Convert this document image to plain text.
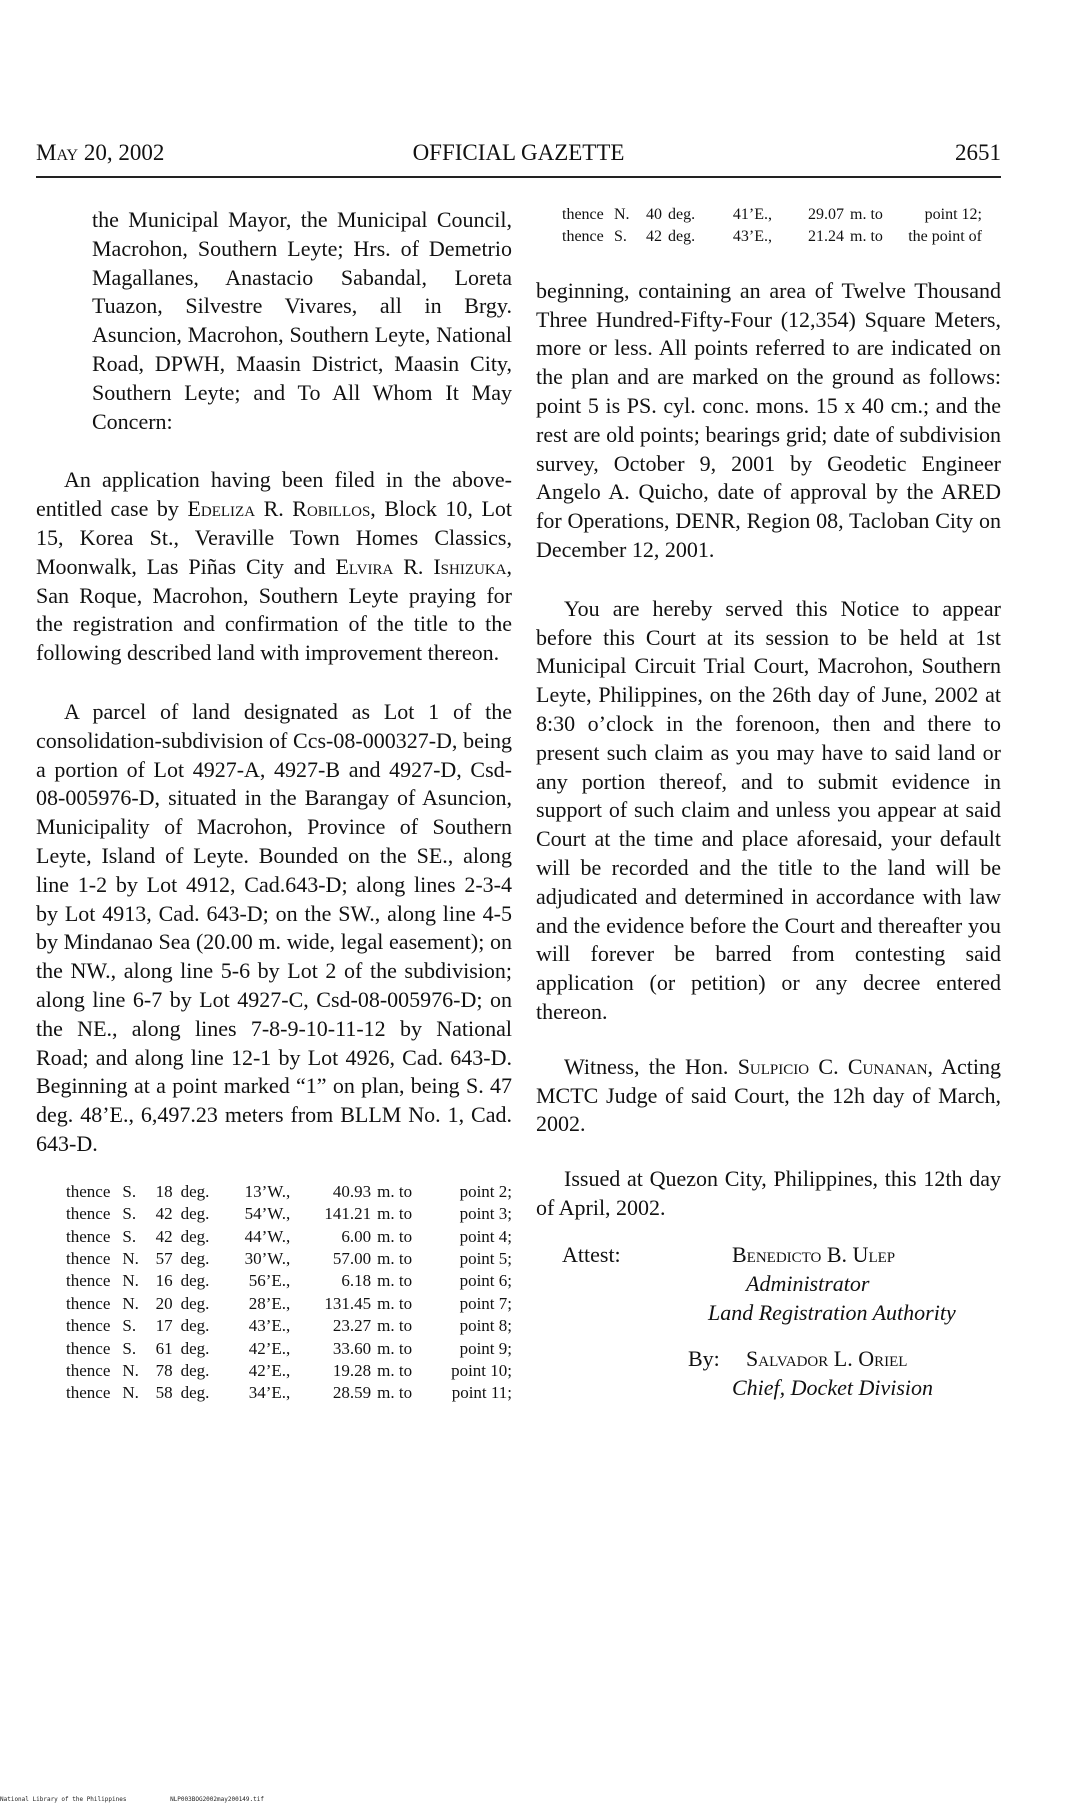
May 20, 2002	OFFICIAL GAZETTE	2651

the Municipal Mayor, the Municipal Council, Macrohon, Southern Leyte; Hrs. of Demetrio Magallanes, Anastacio Sabandal, Loreta Tuazon, Silvestre Vivares, all in Brgy. Asuncion, Macrohon, Southern Leyte, National Road, DPWH, Maasin District, Maasin City, Southern Leyte; and To All Whom It May Concern:

An application having been filed in the above-entitled case by Edeliza R. Robillos, Block 10, Lot 15, Korea St., Veraville Town Homes Classics, Moonwalk, Las Piñas City and Elvira R. Ishizuka, San Roque, Macrohon, Southern Leyte praying for the registration and confirmation of the title to the following described land with improvement thereon.

A parcel of land designated as Lot 1 of the consolidation-subdivision of Ccs-08-000327-D, being a portion of Lot 4927-A, 4927-B and 4927-D, Csd-08-005976-D, situated in the Barangay of Asuncion, Municipality of Macrohon, Province of Southern Leyte, Island of Leyte. Bounded on the SE., along line 1-2 by Lot 4912, Cad.643-D; along lines 2-3-4 by Lot 4913, Cad. 643-D; on the SW., along line 4-5 by Mindanao Sea (20.00 m. wide, legal easement); on the NW., along line 5-6 by Lot 2 of the subdivision; along line 6-7 by Lot 4927-C, Csd-08-005976-D; on the NE., along lines 7-8-9-10-11-12 by National Road; and along line 12-1 by Lot 4926, Cad. 643-D. Beginning at a point marked “1” on plan, being S. 47 deg. 48’E., 6,497.23 meters from BLLM No. 1, Cad. 643-D.

thence	S.	18	deg.	13’W.,	40.93	m. to	point 2;
thence	S.	42	deg.	54’W.,	141.21	m. to	point 3;
thence	S.	42	deg.	44’W.,	6.00	m. to	point 4;
thence	N.	57	deg.	30’W.,	57.00	m. to	point 5;
thence	N.	16	deg.	56’E.,	6.18	m. to	point 6;
thence	N.	20	deg.	28’E.,	131.45	m. to	point 7;
thence	S.	17	deg.	43’E.,	23.27	m. to	point 8;
thence	S.	61	deg.	42’E.,	33.60	m. to	point 9;
thence	N.	78	deg.	42’E.,	19.28	m. to	point 10;
thence	N.	58	deg.	34’E.,	28.59	m. to	point 11;
thence	N.	40	deg.	41’E.,	29.07	m. to	point 12;
thence	S.	42	deg.	43’E.,	21.24	m. to	the point of

beginning, containing an area of Twelve Thousand Three Hundred-Fifty-Four (12,354) Square Meters, more or less. All points referred to are indicated on the plan and are marked on the ground as follows: point 5 is PS. cyl. conc. mons. 15 x 40 cm.; and the rest are old points; bearings grid; date of subdivision survey, October 9, 2001 by Geodetic Engineer Angelo A. Quicho, date of approval by the ARED for Operations, DENR, Region 08, Tacloban City on December 12, 2001.

You are hereby served this Notice to appear before this Court at its session to be held at 1st Municipal Circuit Trial Court, Macrohon, Southern Leyte, Philippines, on the 26th day of June, 2002 at 8:30 o’clock in the forenoon, then and there to present such claim as you may have to said land or any portion thereof, and to submit evidence in support of such claim and unless you appear at said Court at the time and place aforesaid, your default will be recorded and the title to the land will be adjudicated and determined in accordance with law and the evidence before the Court and thereafter you will forever be barred from contesting said application (or petition) or any decree entered thereon.

Witness, the Hon. Sulpicio C. Cunanan, Acting MCTC Judge of said Court, the 12h day of March, 2002.

Issued at Quezon City, Philippines, this 12th day of April, 2002.

Attest:	Benedicto B. Ulep
Administrator
Land Registration Authority
By: Salvador L. Oriel
Chief, Docket Division
National Library of the Philippines	NLP003BOG2002may200149.tif
